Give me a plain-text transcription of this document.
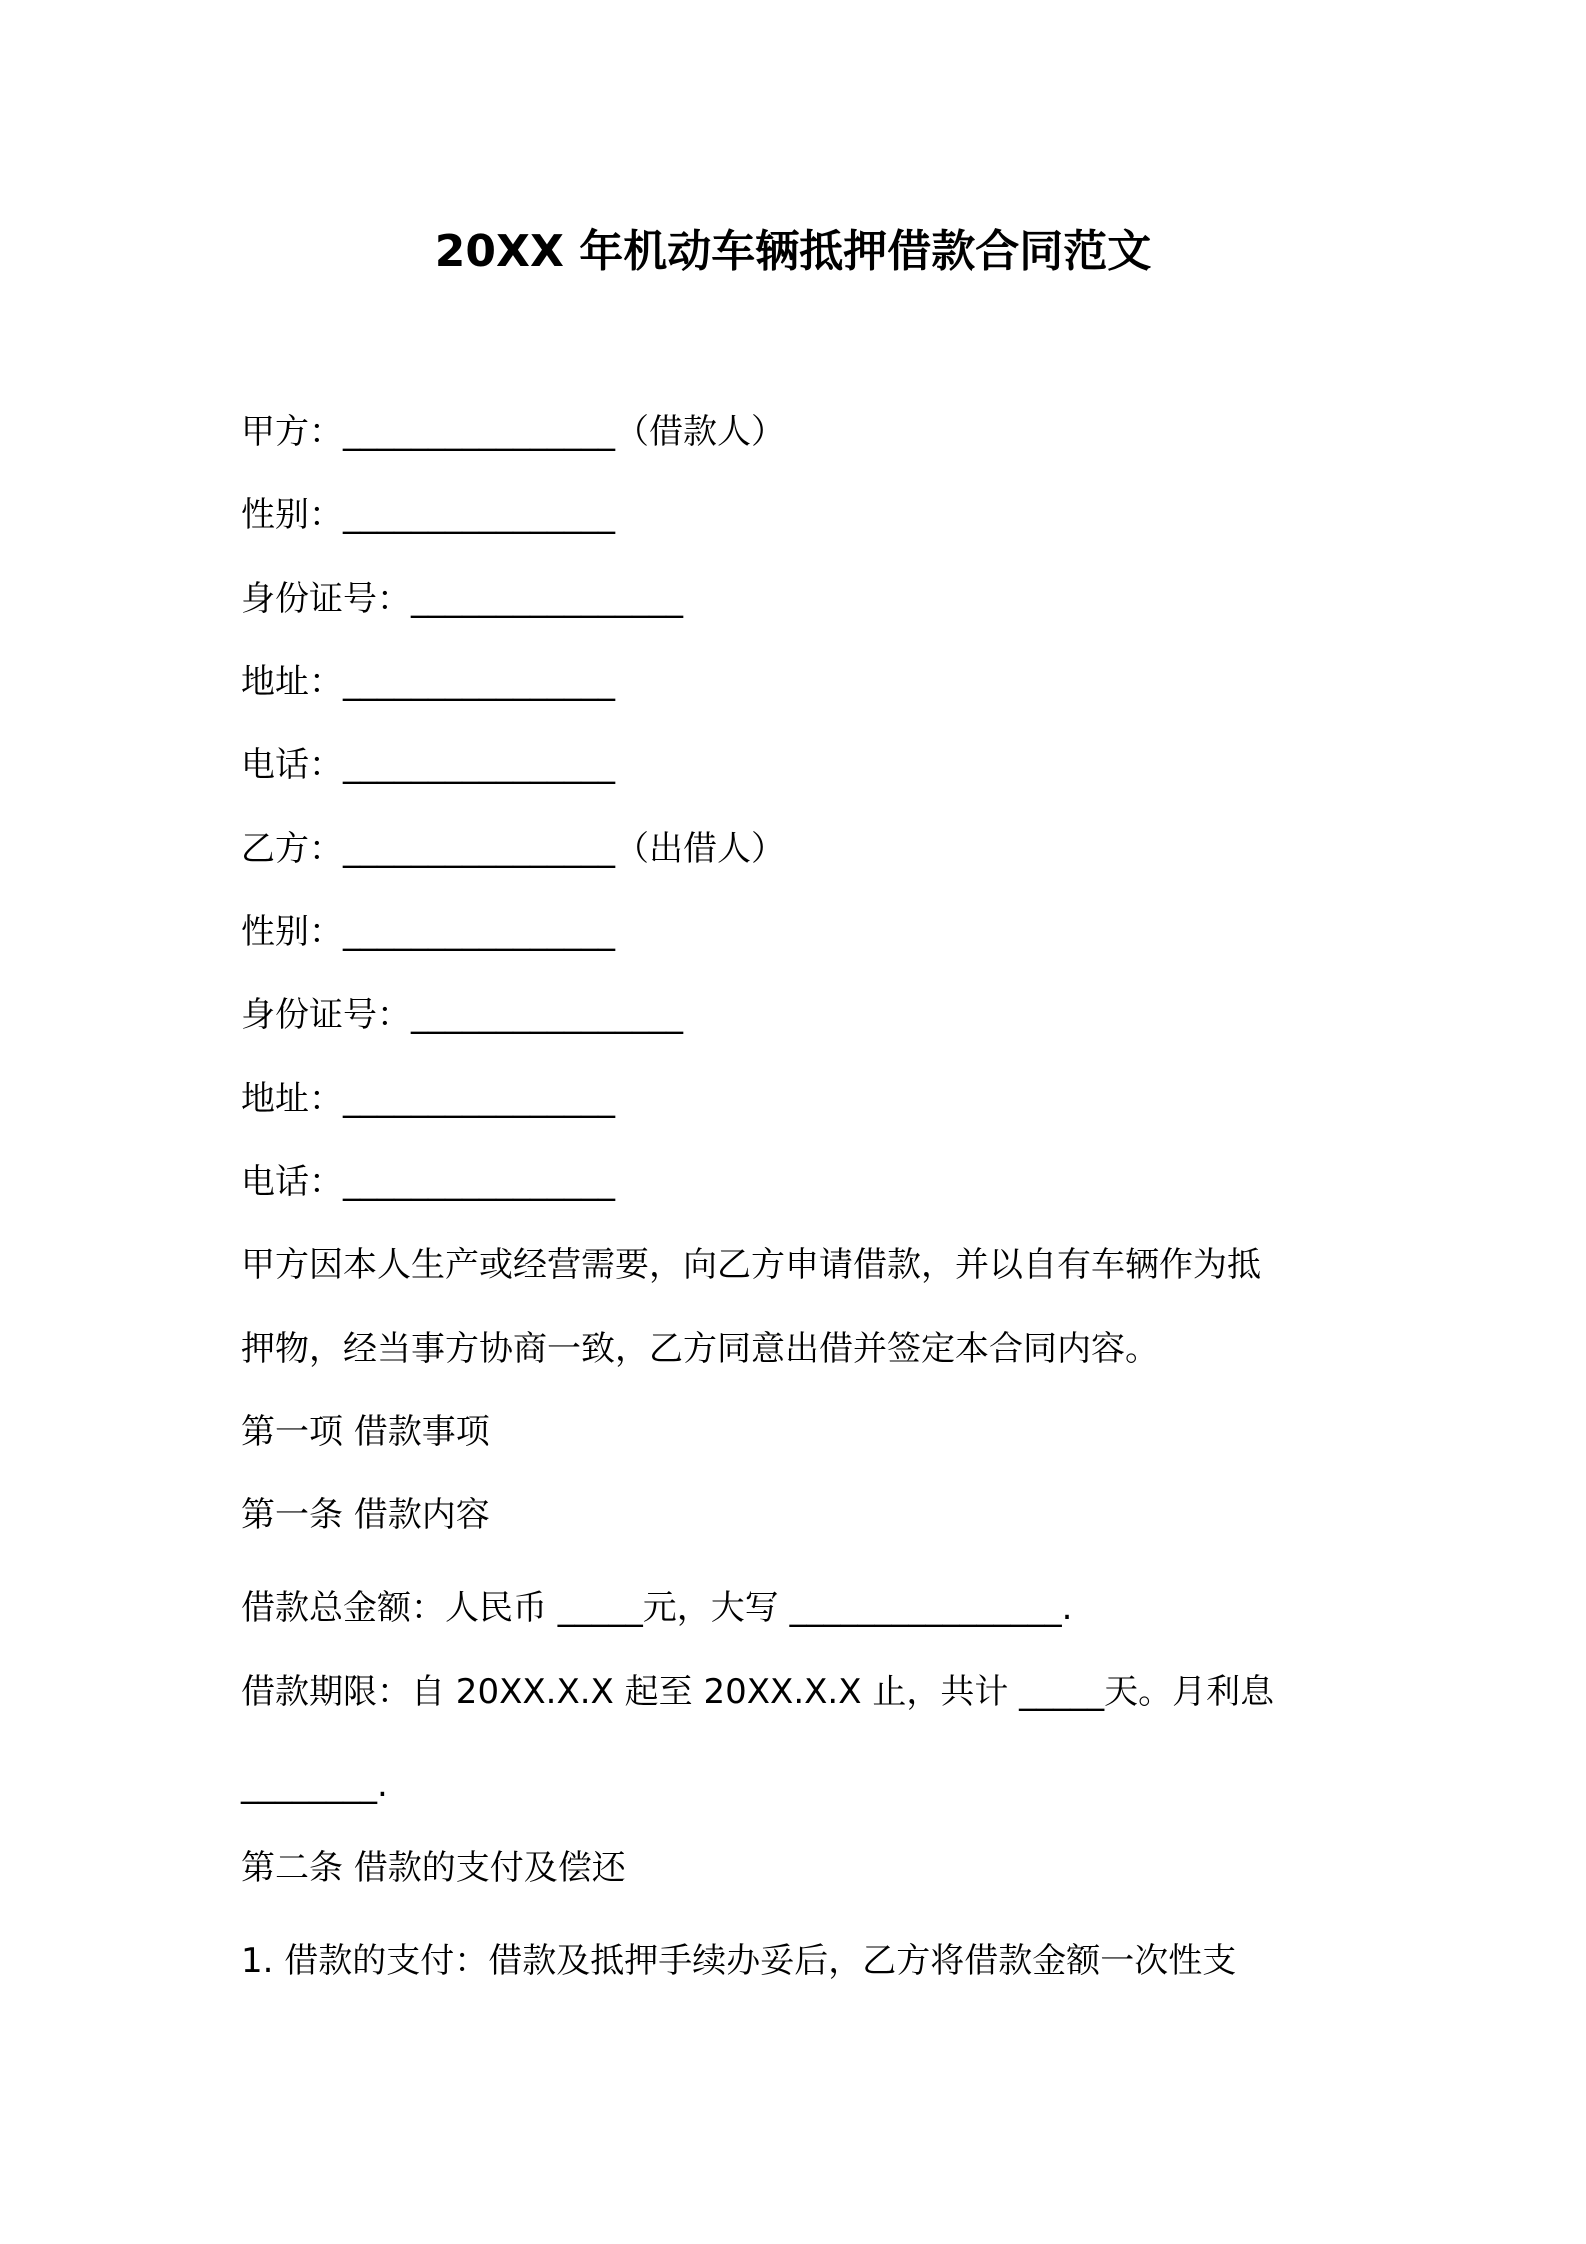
20XX 年机动车辆抵押借款合同范文
甲方：________________（借款人）
性别：________________
身份证号：________________
地址：________________
电话：________________
乙方：________________（出借人）
性别：________________
身份证号：________________
地址：________________
电话：________________
甲方因本人生产或经营需要，向乙方申请借款，并以自有车辆作为抵
押物，经当事方协商一致，乙方同意出借并签定本合同内容。
第一项 借款事项
第一条 借款内容
借款总金额：人民币 _____元，大写 ________________.
借款期限：自 20XX.X.X 起至 20XX.X.X 止，共计 _____天。月利息
________.
第二条 借款的支付及偿还
1. 借款的支付：借款及抵押手续办妥后，乙方将借款金额一次性支
